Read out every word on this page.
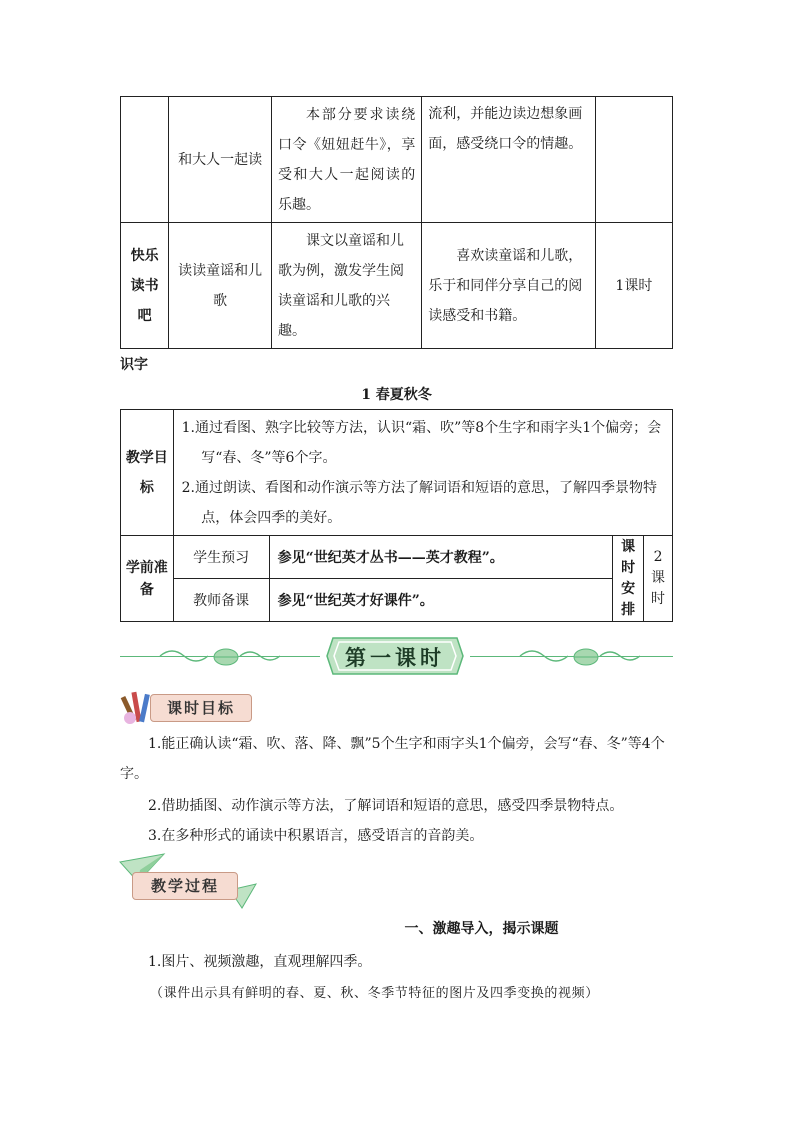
	和大人一起读	本部分要求读绕口令《妞妞赶牛》，享受和大人一起阅读的乐趣。	流利，并能边读边想象画面，感受绕口令的情趣。	

快乐读书吧	读读童谣和儿歌	课文以童谣和儿歌为例，激发学生阅读童谣和儿歌的兴趣。	喜欢读童谣和儿歌，乐于和同伴分享自己的阅读感受和书籍。	1课时
识字
1 春夏秋冬
教学目标	1.通过看图、熟字比较等方法，认识“霜、吹”等8个生字和雨字头1个偏旁；会写“春、冬”等6个字。
2.通过朗读、看图和动作演示等方法了解词语和短语的意思，了解四季景物特点，体会四季的美好。			

学前准备	学生预习	参见“世纪英才丛书——英才教程”。	课时安排	2课时

	教师备课	参见“世纪英才好课件”。		
第一课时
课时目标

1.能正确认读“霜、吹、落、降、飘”5个生字和雨字头1个偏旁，会写“春、冬”等4个字。

2.借助插图、动作演示等方法，了解词语和短语的意思，感受四季景物特点。

3.在多种形式的诵读中积累语言，感受语言的音韵美。

教学过程
一、激趣导入，揭示课题

1.图片、视频激趣，直观理解四季。

（课件出示具有鲜明的春、夏、秋、冬季节特征的图片及四季变换的视频）
